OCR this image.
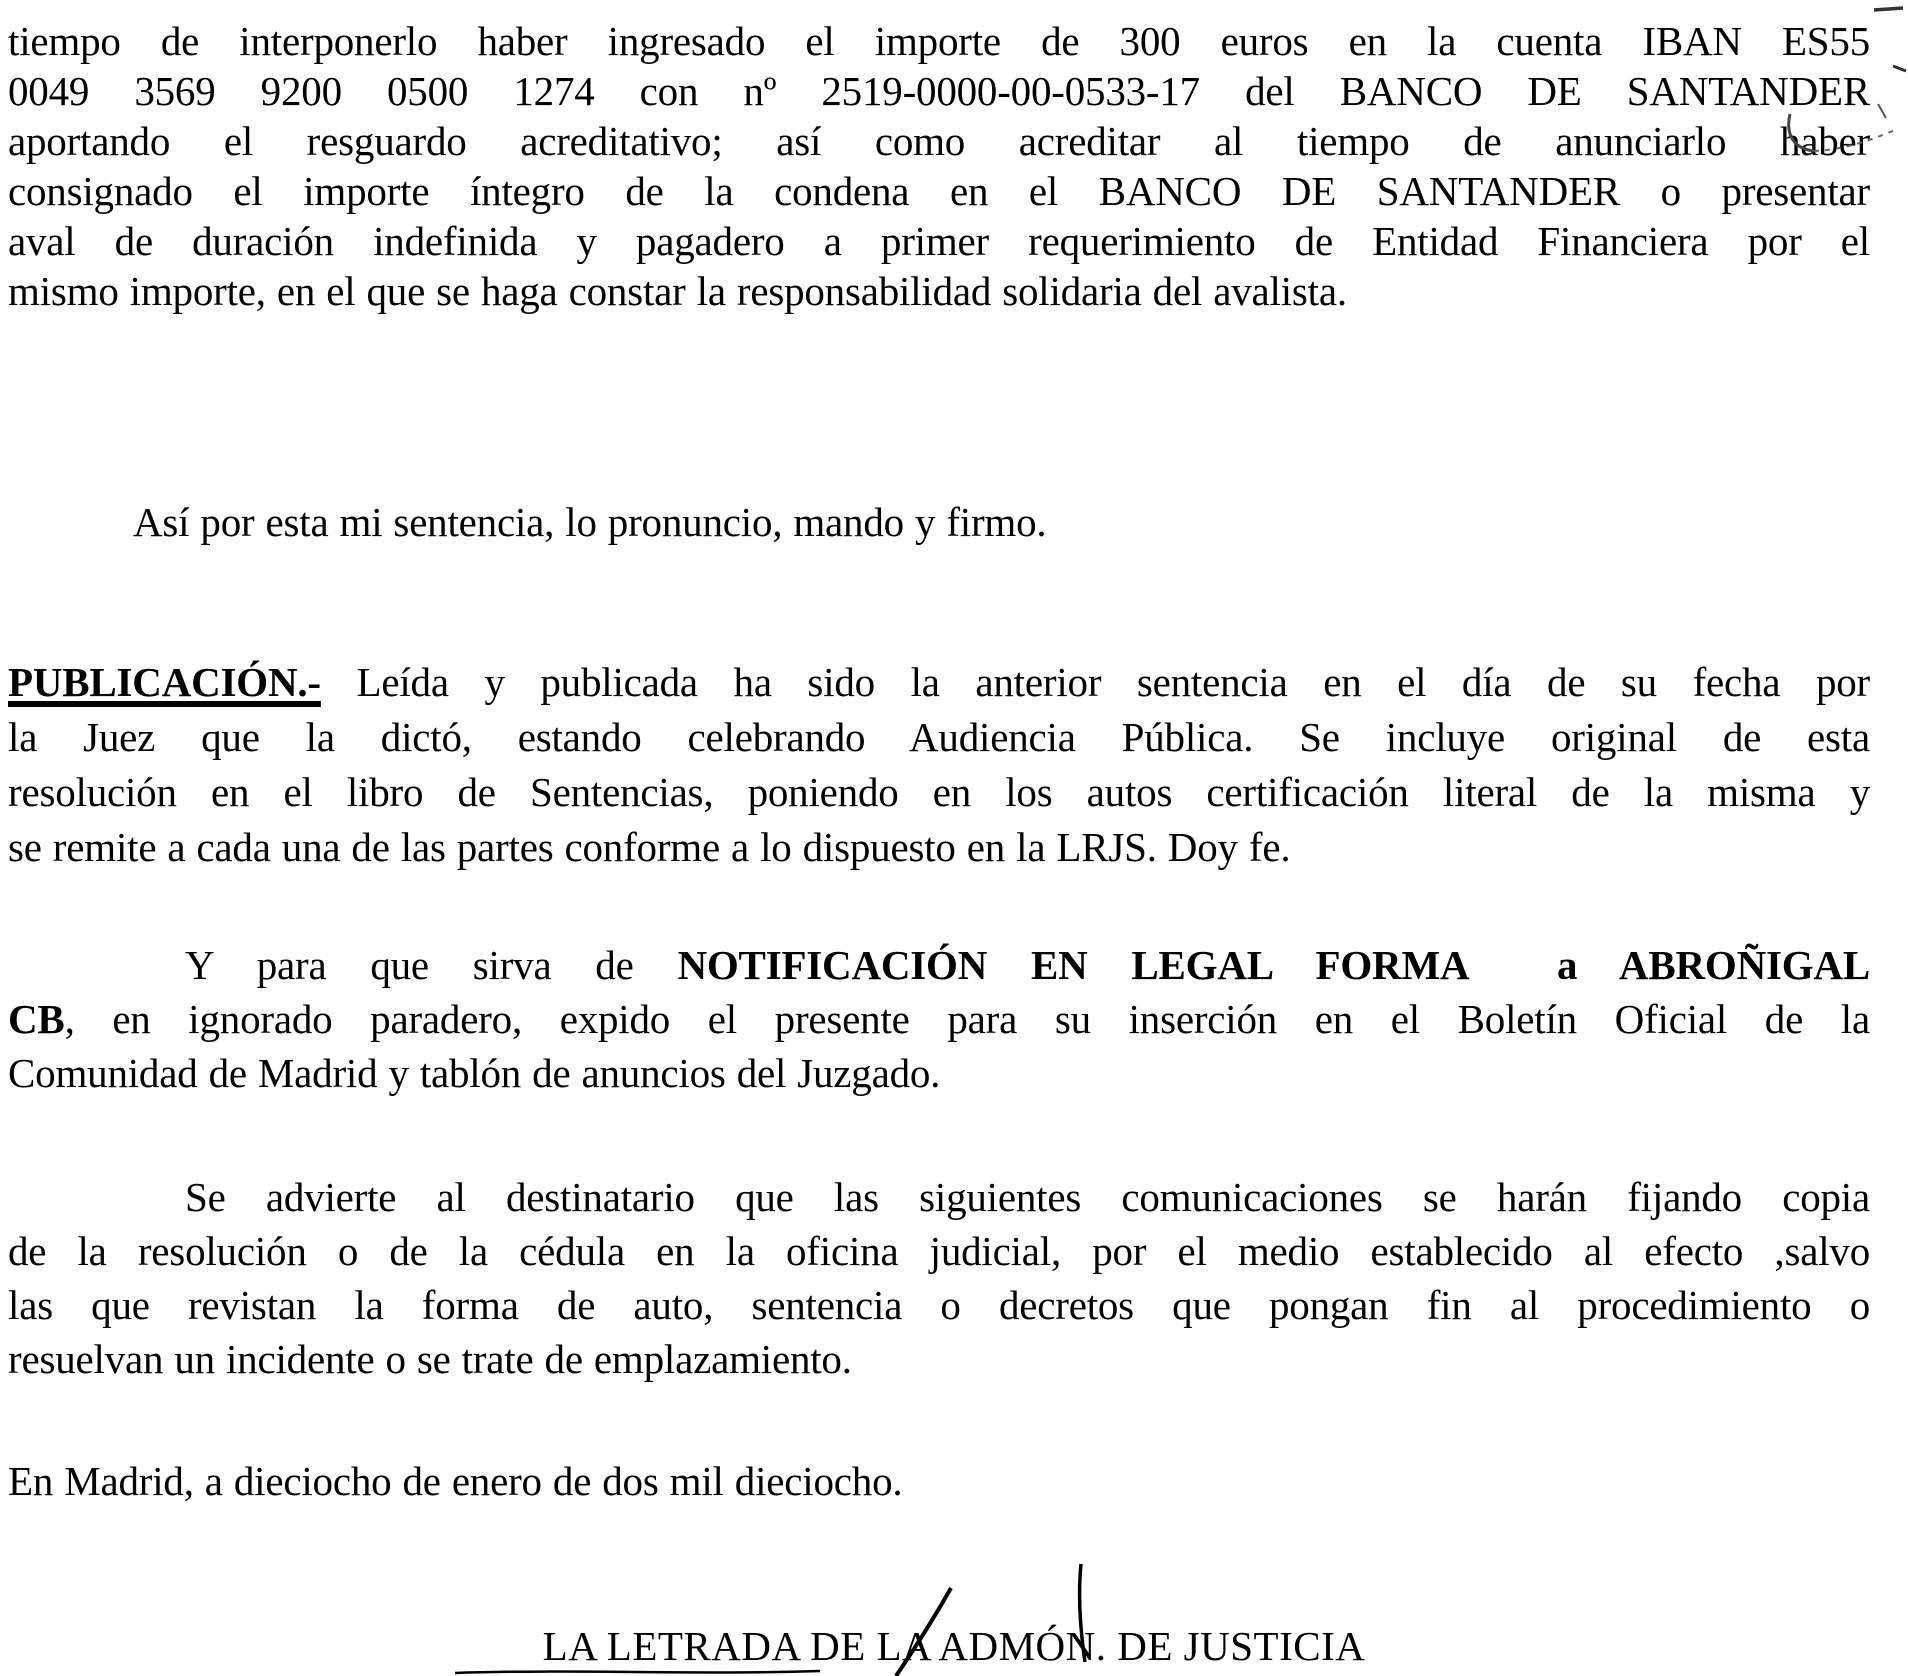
tiempo de interponerlo haber ingresado el importe de 300 euros en la cuenta IBAN ES55
0049 3569 9200 0500 1274 con nº 2519-0000-00-0533-17 del BANCO DE SANTANDER
aportando el resguardo acreditativo; así como acreditar al tiempo de anunciarlo haber
consignado el importe íntegro de la condena en el BANCO DE SANTANDER o presentar
aval de duración indefinida y pagadero a primer requerimiento de Entidad Financiera por el
mismo importe, en el que se haga constar la responsabilidad solidaria del avalista.
Así por esta mi sentencia, lo pronuncio, mando y firmo.
PUBLICACIÓN.- Leída y publicada ha sido la anterior sentencia en el día de su fecha por
la Juez que la dictó, estando celebrando Audiencia Pública. Se incluye original de esta
resolución en el libro de Sentencias, poniendo en los autos certificación literal de la misma y
se remite a cada una de las partes conforme a lo dispuesto en la LRJS. Doy fe.
Y para que sirva de NOTIFICACIÓN EN LEGAL FORMA  a ABROÑIGAL
CB, en ignorado paradero, expido el presente para su inserción en el Boletín Oficial de la
Comunidad de Madrid y tablón de anuncios del Juzgado.
Se advierte al destinatario que las siguientes comunicaciones se harán fijando copia
de la resolución o de la cédula en la oficina judicial, por el medio establecido al efecto ,salvo
las que revistan la forma de auto, sentencia o decretos que pongan fin al procedimiento o
resuelvan un incidente o se trate de emplazamiento.
En Madrid, a dieciocho de enero de dos mil dieciocho.
LA LETRADA DE LA ADMÓN. DE JUSTICIA
